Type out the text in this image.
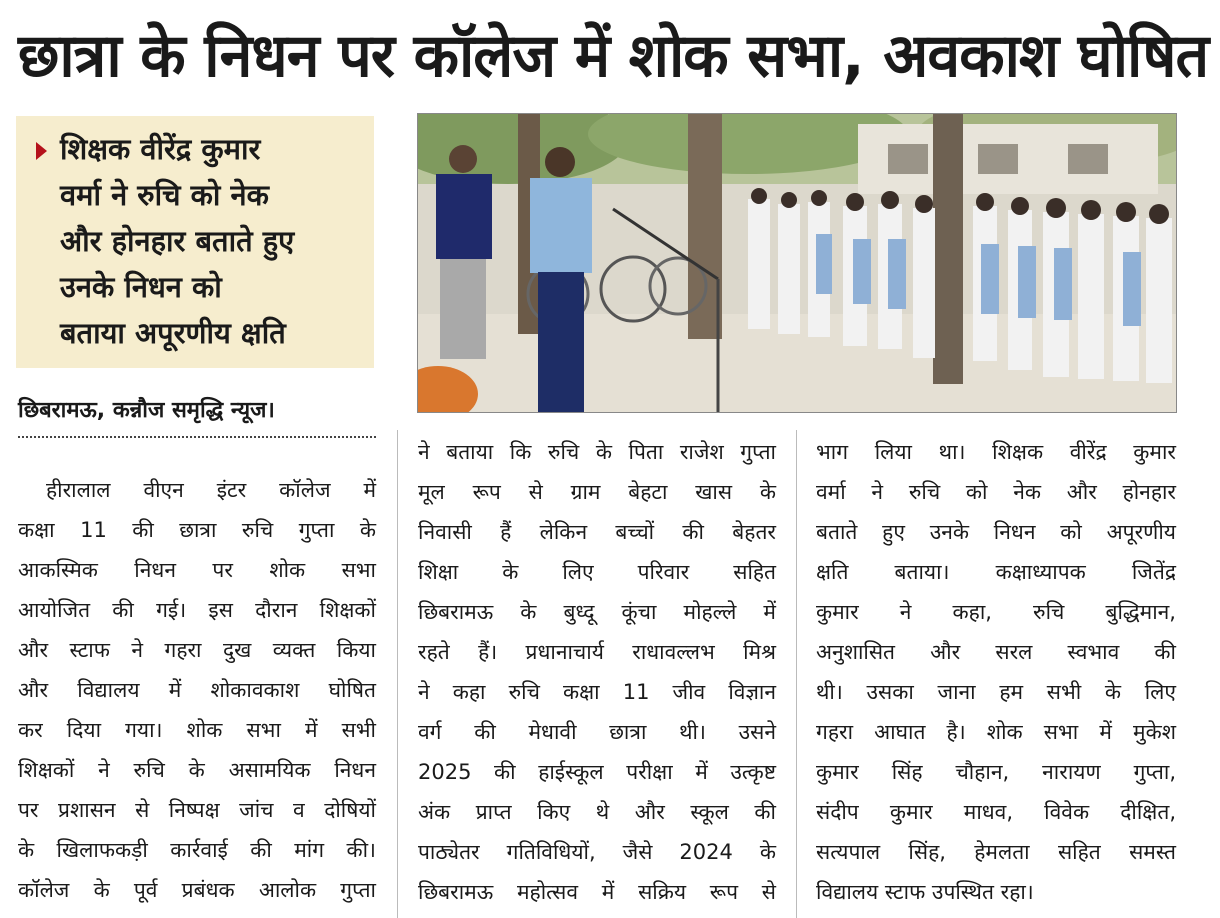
छात्रा के निधन पर कॉलेज में शोक सभा, अवकाश घोषित
शिक्षक वीरेंद्र कुमार
वर्मा ने रुचि को नेक
और होनहार बताते हुए
उनके निधन को
बताया अपूरणीय क्षति
छिबरामऊ, कन्नौज समृद्धि न्यूज।
हीरालाल वीएन इंटर कॉलेज में
कक्षा 11 की छात्रा रुचि गुप्ता के
आकस्मिक निधन पर शोक सभा
आयोजित की गई। इस दौरान शिक्षकों
और स्टाफ ने गहरा दुख व्यक्त किया
और विद्यालय में शोकावकाश घोषित
कर दिया गया। शोक सभा में सभी
शिक्षकों ने रुचि के असामयिक निधन
पर प्रशासन से निष्पक्ष जांच व दोषियों
के खिलाफकड़ी कार्रवाई की मांग की।
कॉलेज के पूर्व प्रबंधक आलोक गुप्ता
ने बताया कि रुचि के पिता राजेश गुप्ता
मूल रूप से ग्राम बेहटा खास के
निवासी हैं लेकिन बच्चों की बेहतर
शिक्षा के लिए परिवार सहित
छिबरामऊ के बुध्दू कूंचा मोहल्ले में
रहते हैं। प्रधानाचार्य राधावल्लभ मिश्र
ने कहा रुचि कक्षा 11 जीव विज्ञान
वर्ग की मेधावी छात्रा थी। उसने
2025 की हाईस्कूल परीक्षा में उत्कृष्ट
अंक प्राप्त किए थे और स्कूल की
पाठ्येतर गतिविधियों, जैसे 2024 के
छिबरामऊ महोत्सव में सक्रिय रूप से
भाग लिया था। शिक्षक वीरेंद्र कुमार
वर्मा ने रुचि को नेक और होनहार
बताते हुए उनके निधन को अपूरणीय
क्षति बताया। कक्षाध्यापक जितेंद्र
कुमार ने कहा, रुचि बुद्धिमान,
अनुशासित और सरल स्वभाव की
थी। उसका जाना हम सभी के लिए
गहरा आघात है। शोक सभा में मुकेश
कुमार सिंह चौहान, नारायण गुप्ता,
संदीप कुमार माधव, विवेक दीक्षित,
सत्यपाल सिंह, हेमलता सहित समस्त
विद्यालय स्टाफ उपस्थित रहा।
